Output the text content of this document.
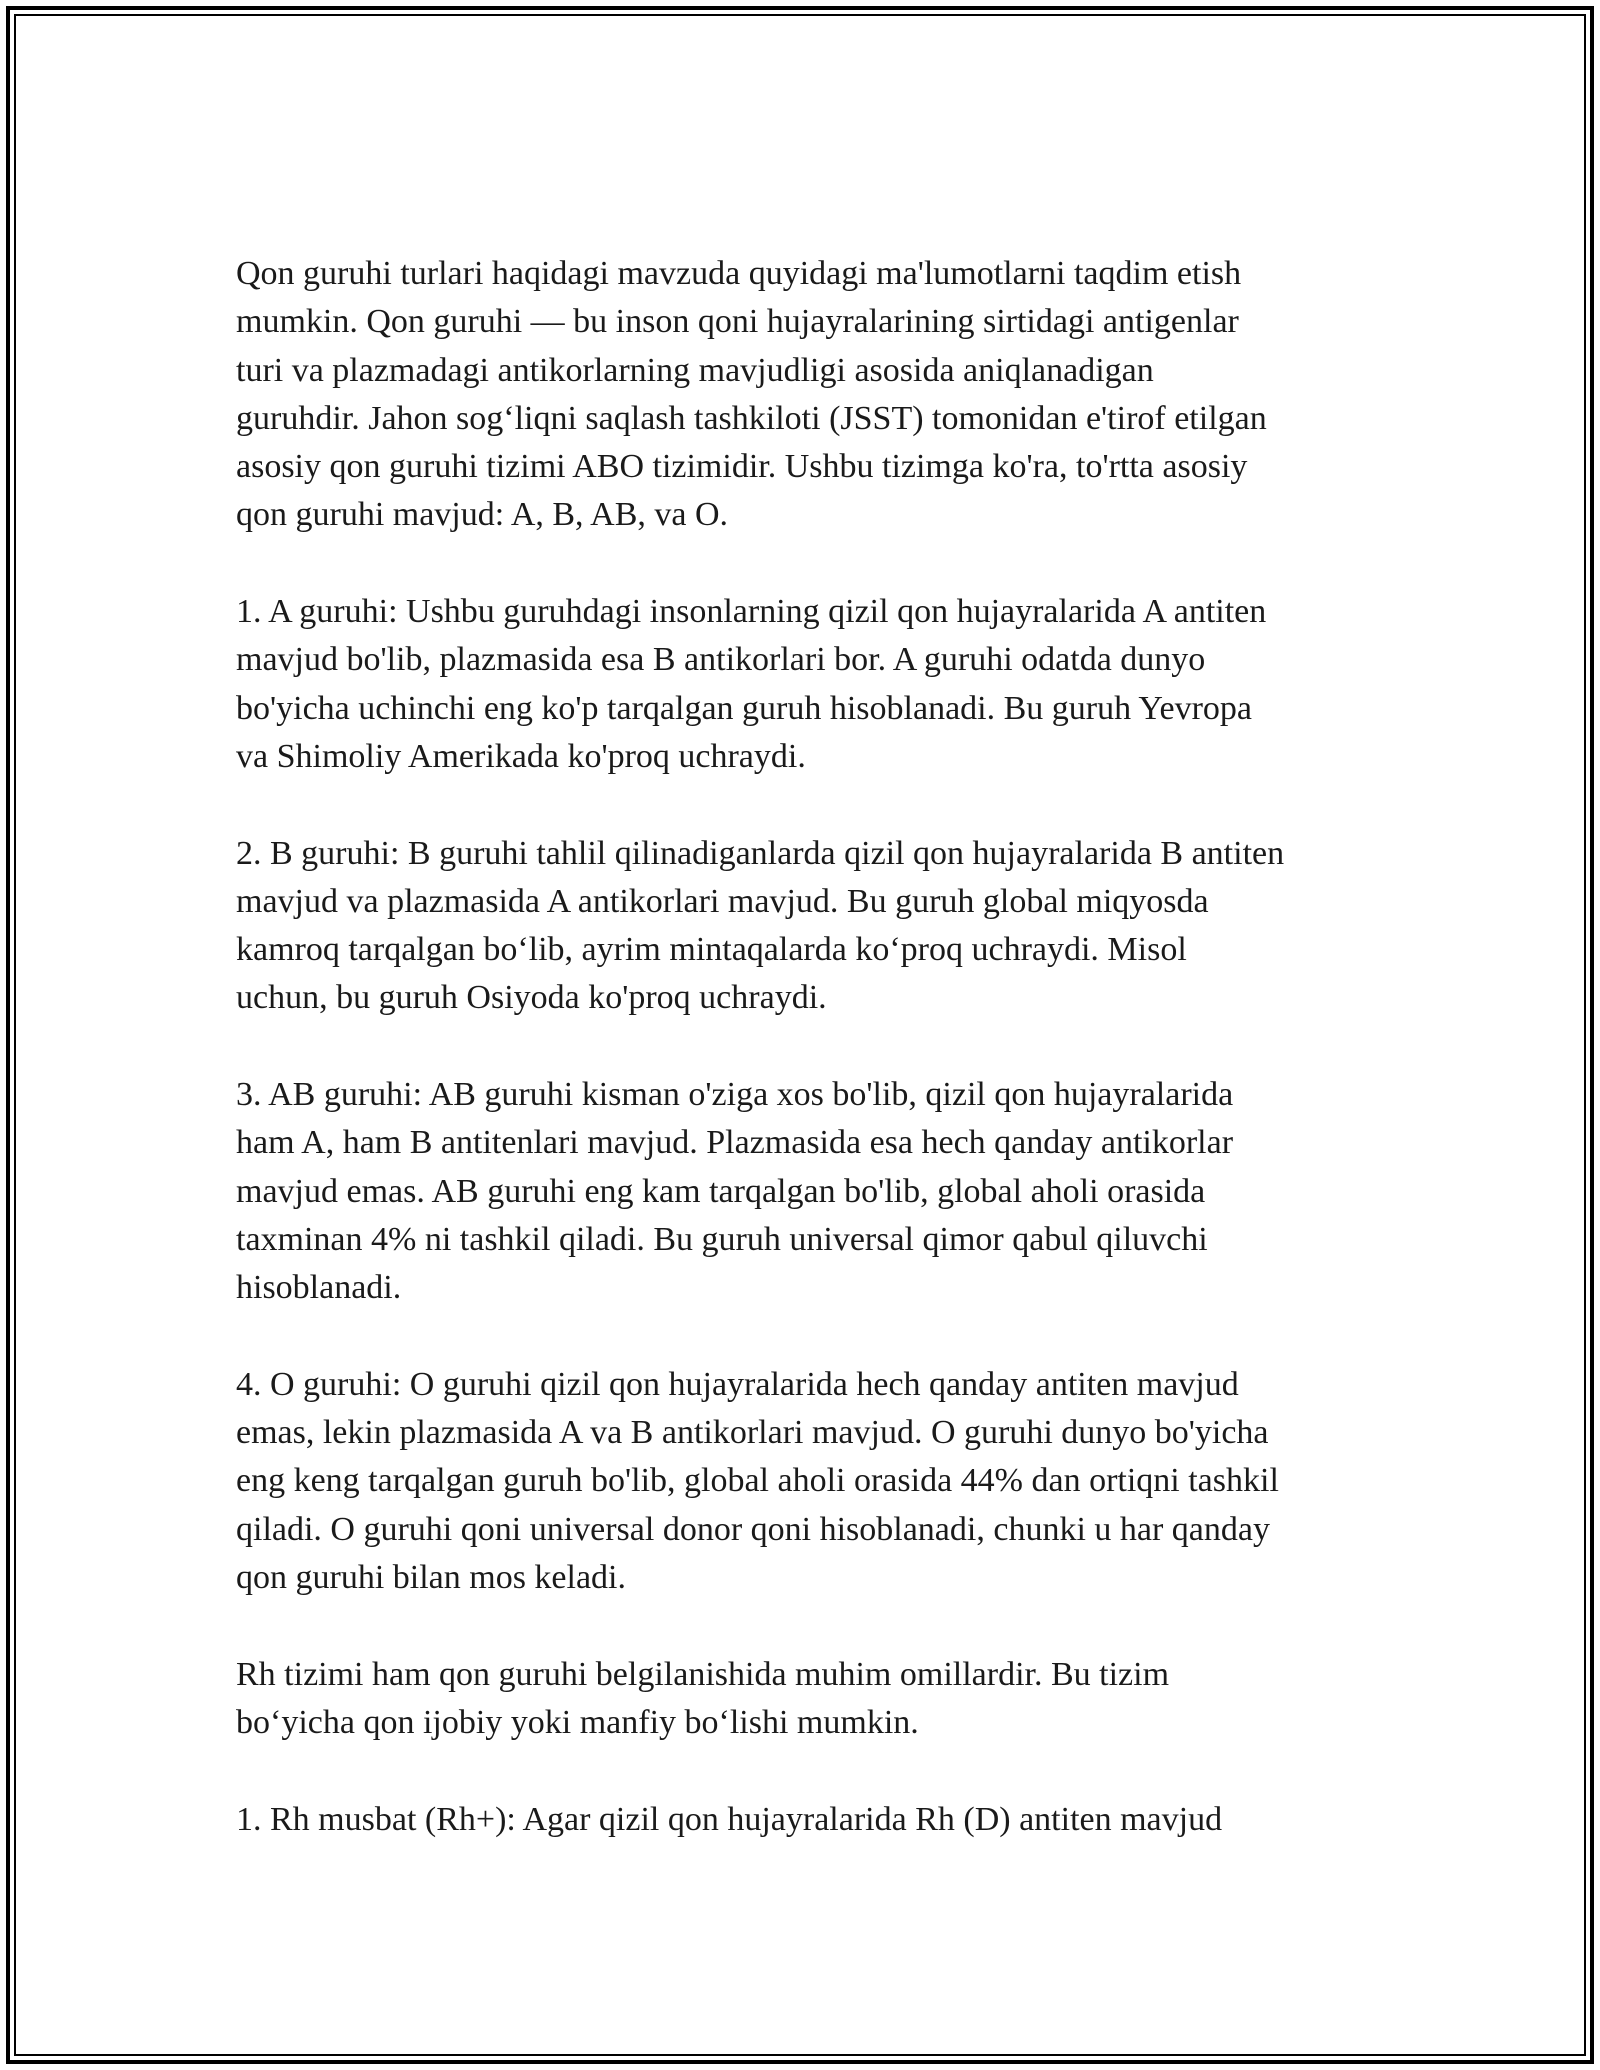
Qon guruhi turlari haqidagi mavzuda quyidagi ma'lumotlarni taqdim etish
mumkin. Qon guruhi — bu inson qoni hujayralarining sirtidagi antigenlar
turi va plazmadagi antikorlarning mavjudligi asosida aniqlanadigan
guruhdir. Jahon sog‘liqni saqlash tashkiloti (JSST) tomonidan e'tirof etilgan
asosiy qon guruhi tizimi ABO tizimidir. Ushbu tizimga ko'ra, to'rtta asosiy
qon guruhi mavjud: A, B, AB, va O.

1. A guruhi: Ushbu guruhdagi insonlarning qizil qon hujayralarida A antiten
mavjud bo'lib, plazmasida esa B antikorlari bor. A guruhi odatda dunyo
bo'yicha uchinchi eng ko'p tarqalgan guruh hisoblanadi. Bu guruh Yevropa
va Shimoliy Amerikada ko'proq uchraydi.

2. B guruhi: B guruhi tahlil qilinadiganlarda qizil qon hujayralarida B antiten
mavjud va plazmasida A antikorlari mavjud. Bu guruh global miqyosda
kamroq tarqalgan bo‘lib, ayrim mintaqalarda ko‘proq uchraydi. Misol
uchun, bu guruh Osiyoda ko'proq uchraydi.

3. AB guruhi: AB guruhi kisman o'ziga xos bo'lib, qizil qon hujayralarida
ham A, ham B antitenlari mavjud. Plazmasida esa hech qanday antikorlar
mavjud emas. AB guruhi eng kam tarqalgan bo'lib, global aholi orasida
taxminan 4% ni tashkil qiladi. Bu guruh universal qimor qabul qiluvchi
hisoblanadi.

4. O guruhi: O guruhi qizil qon hujayralarida hech qanday antiten mavjud
emas, lekin plazmasida A va B antikorlari mavjud. O guruhi dunyo bo'yicha
eng keng tarqalgan guruh bo'lib, global aholi orasida 44% dan ortiqni tashkil
qiladi. O guruhi qoni universal donor qoni hisoblanadi, chunki u har qanday
qon guruhi bilan mos keladi.

Rh tizimi ham qon guruhi belgilanishida muhim omillardir. Bu tizim
bo‘yicha qon ijobiy yoki manfiy bo‘lishi mumkin.

1. Rh musbat (Rh+): Agar qizil qon hujayralarida Rh (D) antiten mavjud
